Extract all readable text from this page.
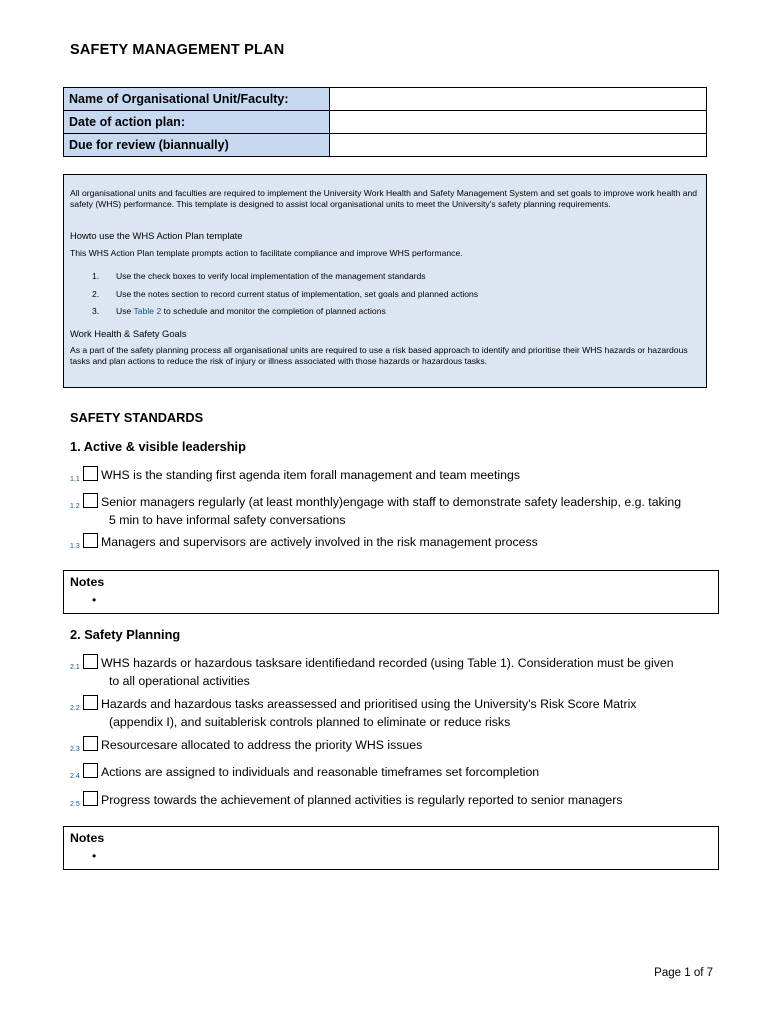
SAFETY MANAGEMENT PLAN
Name of Organisational Unit/Faculty:	
Date of action plan:	
Due for review (biannually)	

All organisational units and faculties are required to implement the University Work Health and Safety Management System and set goals to improve work health and safety (WHS) performance. This template is designed to assist local organisational units to meet the University's safety planning requirements.

Howto use the WHS Action Plan template

This WHS Action Plan template prompts action to facilitate compliance and improve WHS performance.

1.	Use the check boxes to verify local implementation of the management standards
2.	Use the notes section to record current status of implementation, set goals and planned actions
3.	Use Table 2 to schedule and monitor the completion of planned actions

Work Health & Safety Goals

As a part of the safety planning process all organisational units are required to use a risk based approach to identify and prioritise their WHS hazards or hazardous tasks and plan actions to reduce the risk of injury or illness associated with those hazards or hazardous tasks.

SAFETY STANDARDS
1. Active & visible leadership
1.1	WHS is the standing first agenda item forall management and team meetings
1.2	Senior managers regularly (at least monthly)engage with staff to demonstrate safety leadership, e.g. taking
5 min to have informal safety conversations
1.3	Managers and supervisors are actively involved in the risk management process
Notes
•
2. Safety Planning
2.1	WHS hazards or hazardous tasksare identifiedand recorded (using Table 1). Consideration must be given
to all operational activities
2.2	Hazards and hazardous tasks areassessed and prioritised using the University's Risk Score Matrix
(appendix I), and suitablerisk controls planned to eliminate or reduce risks
2.3	Resourcesare allocated to address the priority WHS issues
2.4	Actions are assigned to individuals and reasonable timeframes set forcompletion
2.5	Progress towards the achievement of planned activities is regularly reported to senior managers
Notes
•
Page 1 of 7
